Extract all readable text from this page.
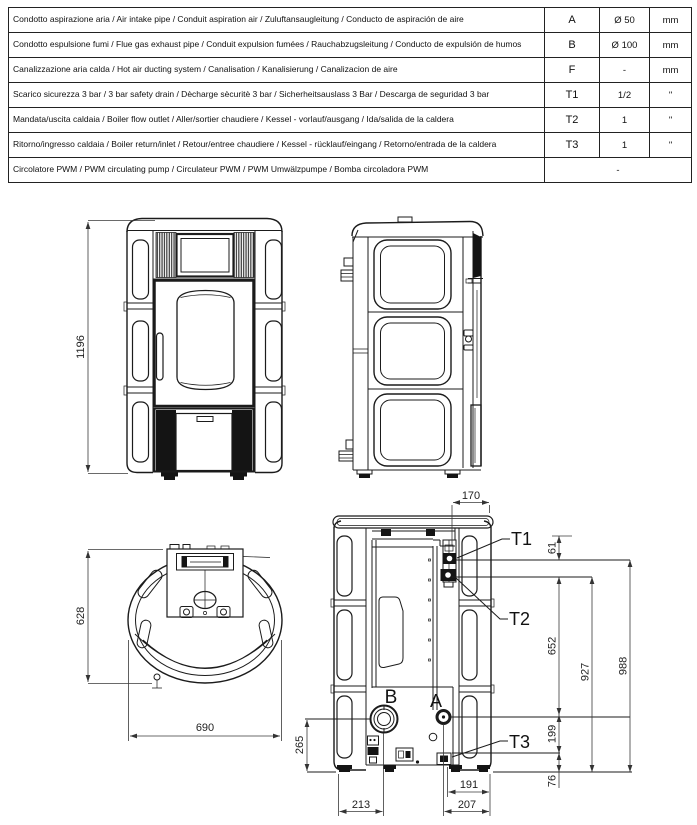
Condotto aspirazione aria / Air intake pipe / Conduit aspiration air / Zuluftansaugleitung / Conducto de aspiración de aire	A	Ø 50	mm
Condotto espulsione fumi / Flue gas exhaust pipe / Conduit expulsion fumées / Rauchabzugsleitung / Conducto de expulsión de humos	B	Ø 100	mm
Canalizzazione aria calda / Hot air ducting system / Canalisation / Kanalisierung / Canalizacion de aire	F	-	mm
Scarico sicurezza 3 bar / 3 bar safety drain / Dècharge sècuritè 3 bar / Sicherheitsauslass 3 Bar / Descarga de seguridad 3 bar	T1	1/2	"
Mandata/uscita caldaia / Boiler flow outlet / Aller/sortier chaudiere / Kessel - vorlauf/ausgang / Ida/salida de la caldera	T2	1	"
Ritorno/ingresso caldaia / Boiler return/inlet / Retour/entree chaudiere / Kessel - rücklauf/eingang / Retorno/entrada de la caldera	T3	1	"
Circolatore PWM / PWM circulating pump / Circulateur PWM / PWM Umwälzpumpe / Bomba circoladora PWM	-		
1196
628
690
170
61
652
199
76
927 988
265
191
213	207
T1
T2
T3
A
B
